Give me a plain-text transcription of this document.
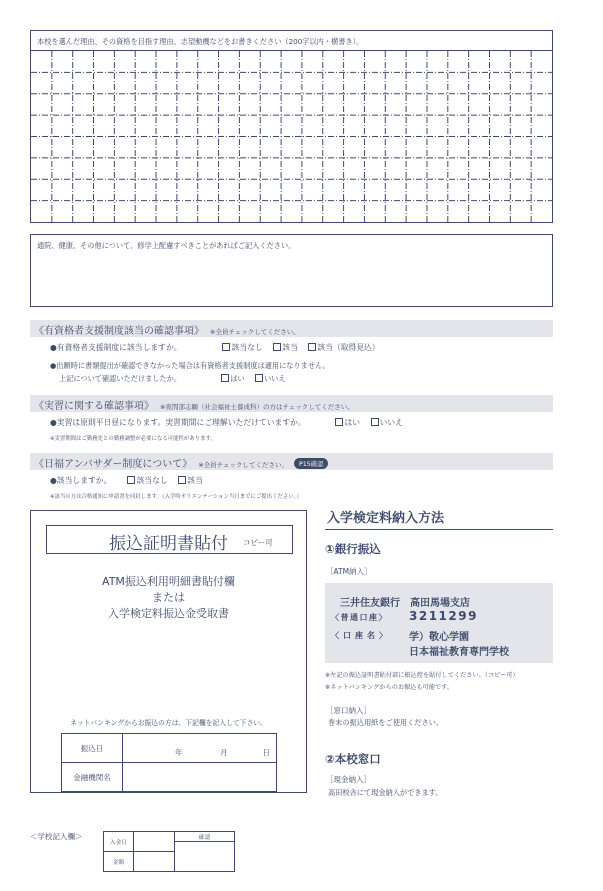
本校を選んだ理由、その資格を目指す理由、志望動機などをお書きください（200字以内・横書き）。
通院、健康、その他について、修学上配慮すべきことがあればご記入ください。
《有資格者支援制度該当の確認事項》 ※全員チェックしてください。
●有資格者支援制度に該当しますか。	該当なし 該当 該当（取得見込）
●出願時に書類提出が確認できなかった場合は有資格者支援制度は適用になりません。
上記について確認いただけましたか。	はい	いいえ
《実習に関する確認事項》 ※夜間部志願（社会福祉士養成科）の方はチェックしてください。
●実習は原則平日昼になります。実習期間にご理解いただけていますか。	はい いいえ
※実習期間はご勤務先との勤務調整が必要になる可能性があります。
《日福アンバサダー制度について》 ※全員チェックしてください。 P15確認
●該当しますか。	該当なし 該当
※該当の方は合格通知に申請書を同封します。（入学時オリエンテーション当日までにご提出ください。）
振込証明書貼付 コピー可
ATM振込利用明細書貼付欄
または
入学検定料振込金受取書
ネットバンキングからお振込の方は、下記欄を記入して下さい。
振込日	年 月 日

金融機関名	
＜学校記入欄＞
入金日		確認

金額		

入学検定料納入方法
①銀行振込
［ATM納入］
三井住友銀行　高田馬場支店
〈普通口座〉 3211299
〈口座名〉 学）敬心学園
日本福祉教育専門学校
※左記の振込証明書貼付部に振込控を貼付してください。（コピー可）
※ネットバンキングからのお振込も可能です。
［窓口納入］
巻末の振込用紙をご使用ください。
②本校窓口
［現金納入］
高田校舎にて現金納入ができます。
